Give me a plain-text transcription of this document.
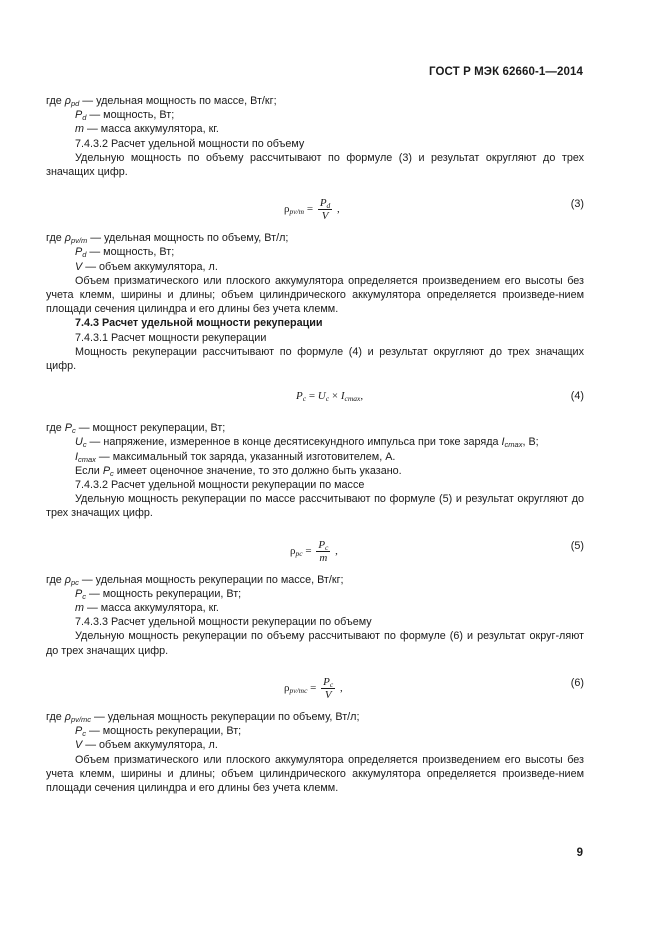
ГОСТ Р МЭК 62660-1—2014

где $\rho_{pd}$ — удельная мощность по массе, Вт/кг;

$P_d$ — мощность, Вт;

m — масса аккумулятора, кг.

7.4.3.2 Расчет удельной мощности по объему

Удельную мощность по объему рассчитывают по формуле (3) и результат округляют до трех значащих цифр.

$\rho_{pv/m} = \frac{P_d}{V}$ ,	(3)

где $\rho_{pv/m}$ — удельная мощность по объему, Вт/л;

$P_d$ — мощность, Вт;

V — объем аккумулятора, л.

Объем призматического или плоского аккумулятора определяется произведением его высоты без учета клемм, ширины и длины; объем цилиндрического аккумулятора определяется произведе-нием площади сечения цилиндра и его длины без учета клемм.

7.4.3 Расчет удельной мощности рекуперации

7.4.3.1 Расчет мощности рекуперации

Мощность рекуперации рассчитывают по формуле (4) и результат округляют до трех значащих цифр.

$P_c = U_c \times I_{cmax}$,	(4)

где $P_c$ — мощност рекуперации, Вт;

$U_c$ — напряжение, измеренное в конце десятисекундного импульса при токе заряда $I_{cmax}$, В;

$I_{cmax}$ — максимальный ток заряда, указанный изготовителем, А.

Если $P_c$ имеет оценочное значение, то это должно быть указано.

7.4.3.2 Расчет удельной мощности рекуперации по массе

Удельную мощность рекуперации по массе рассчитывают по формуле (5) и результат округляют до трех значащих цифр.

$\rho_{pc} = \frac{P_c}{m}$ ,	(5)

где $\rho_{pc}$ — удельная мощность рекуперации по массе, Вт/кг;

$P_c$ — мощность рекуперации, Вт;

m — масса аккумулятора, кг.

7.4.3.3 Расчет удельной мощности рекуперации по объему

Удельную мощность рекуперации по объему рассчитывают по формуле (6) и результат округ-ляют до трех значащих цифр.

$\rho_{pv/mc} = \frac{P_c}{V}$ ,	(6)

где $\rho_{pv/mc}$ — удельная мощность рекуперации по объему, Вт/л;

$P_c$ — мощность рекуперации, Вт;

V — объем аккумулятора, л.

Объем призматического или плоского аккумулятора определяется произведением его высоты без учета клемм, ширины и длины; объем цилиндрического аккумулятора определяется произведе-нием площади сечения цилиндра и его длины без учета клемм.

9
